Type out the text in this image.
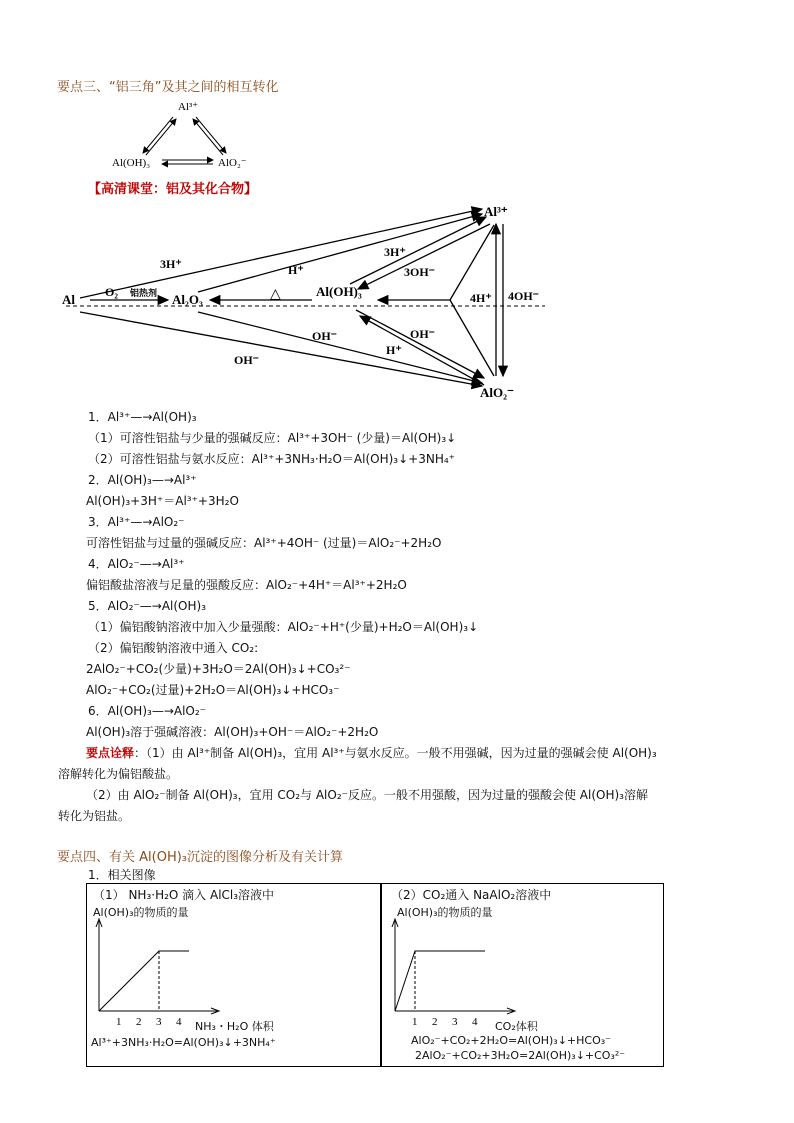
要点三、“铝三角”及其之间的相互转化
Al³⁺
Al(OH)₃	AlO₂⁻
【高清课堂：铝及其化合物】
Al	O₂ 铝热剂 Al₂O₃
Al(OH)₃
Al³⁺
AlO₂⁻
3H⁺	H⁺
3H⁺
3OH⁻
△	4H⁺ 4OH⁻
OH⁻	OH⁻
H⁺
OH⁻
1．Al³⁺—→Al(OH)₃
（1）可溶性铝盐与少量的强碱反应：Al³⁺+3OH⁻ (少量)＝Al(OH)₃↓
（2）可溶性铝盐与氨水反应：Al³⁺+3NH₃·H₂O＝Al(OH)₃↓+3NH₄⁺
2．Al(OH)₃—→Al³⁺
Al(OH)₃+3H⁺＝Al³⁺+3H₂O
3．Al³⁺—→AlO₂⁻
可溶性铝盐与过量的强碱反应：Al³⁺+4OH⁻ (过量)＝AlO₂⁻+2H₂O
4．AlO₂⁻—→Al³⁺
偏铝酸盐溶液与足量的强酸反应：AlO₂⁻+4H⁺＝Al³⁺+2H₂O
5．AlO₂⁻—→Al(OH)₃
（1）偏铝酸钠溶液中加入少量强酸：AlO₂⁻+H⁺(少量)+H₂O＝Al(OH)₃↓
（2）偏铝酸钠溶液中通入 CO₂:
2AlO₂⁻+CO₂(少量)+3H₂O＝2Al(OH)₃↓+CO₃²⁻
AlO₂⁻+CO₂(过量)+2H₂O＝Al(OH)₃↓+HCO₃⁻
6．Al(OH)₃—→AlO₂⁻
Al(OH)₃溶于强碱溶液：Al(OH)₃+OH⁻＝AlO₂⁻+2H₂O
要点诠释：（1）由 Al³⁺制备 Al(OH)₃，宜用 Al³⁺与氨水反应。一般不用强碱，因为过量的强碱会使 Al(OH)₃
溶解转化为偏铝酸盐。
（2）由 AlO₂⁻制备 Al(OH)₃，宜用 CO₂与 AlO₂⁻反应。一般不用强酸，因为过量的强酸会使 Al(OH)₃溶解
转化为铝盐。
要点四、有关 Al(OH)₃沉淀的图像分析及有关计算
1．相关图像
（1） NH₃·H₂O 滴入 AlCl₃溶液中
Al(OH)₃的物质的量
1 2 3 4 NH₃・H₂O 体积
Al³⁺+3NH₃·H₂O=Al(OH)₃↓+3NH₄⁺
（2）CO₂通入 NaAlO₂溶液中
Al(OH)₃的物质的量
1 2 3 4 CO₂体积
AlO₂⁻+CO₂+2H₂O=Al(OH)₃↓+HCO₃⁻
2AlO₂⁻+CO₂+3H₂O=2Al(OH)₃↓+CO₃²⁻
